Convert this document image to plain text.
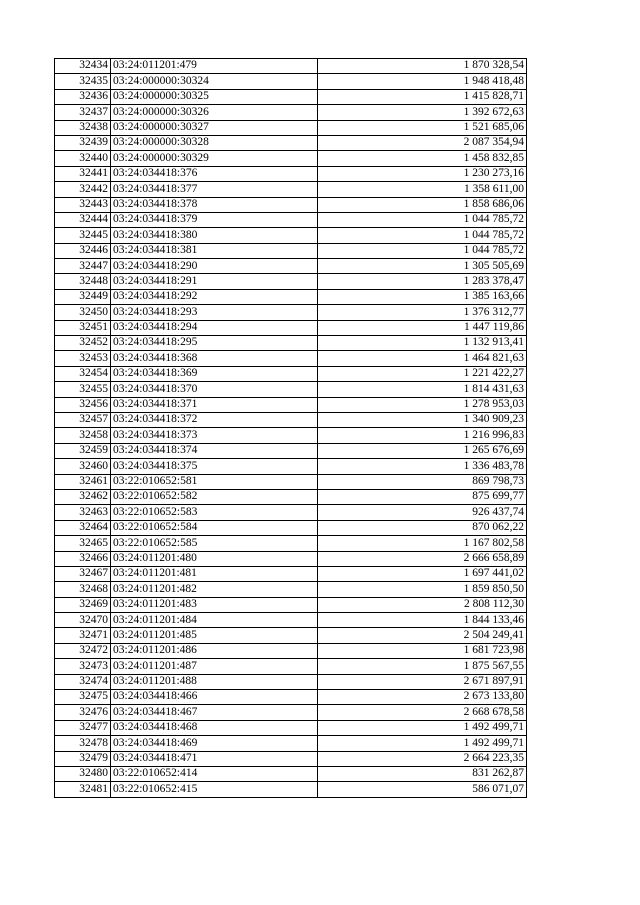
32434	03:24:011201:479	1 870 328,54
32435	03:24:000000:30324	1 948 418,48
32436	03:24:000000:30325	1 415 828,71
32437	03:24:000000:30326	1 392 672,63
32438	03:24:000000:30327	1 521 685,06
32439	03:24:000000:30328	2 087 354,94
32440	03:24:000000:30329	1 458 832,85
32441	03:24:034418:376	1 230 273,16
32442	03:24:034418:377	1 358 611,00
32443	03:24:034418:378	1 858 686,06
32444	03:24:034418:379	1 044 785,72
32445	03:24:034418:380	1 044 785,72
32446	03:24:034418:381	1 044 785,72
32447	03:24:034418:290	1 305 505,69
32448	03:24:034418:291	1 283 378,47
32449	03:24:034418:292	1 385 163,66
32450	03:24:034418:293	1 376 312,77
32451	03:24:034418:294	1 447 119,86
32452	03:24:034418:295	1 132 913,41
32453	03:24:034418:368	1 464 821,63
32454	03:24:034418:369	1 221 422,27
32455	03:24:034418:370	1 814 431,63
32456	03:24:034418:371	1 278 953,03
32457	03:24:034418:372	1 340 909,23
32458	03:24:034418:373	1 216 996,83
32459	03:24:034418:374	1 265 676,69
32460	03:24:034418:375	1 336 483,78
32461	03:22:010652:581	869 798,73
32462	03:22:010652:582	875 699,77
32463	03:22:010652:583	926 437,74
32464	03:22:010652:584	870 062,22
32465	03:22:010652:585	1 167 802,58
32466	03:24:011201:480	2 666 658,89
32467	03:24:011201:481	1 697 441,02
32468	03:24:011201:482	1 859 850,50
32469	03:24:011201:483	2 808 112,30
32470	03:24:011201:484	1 844 133,46
32471	03:24:011201:485	2 504 249,41
32472	03:24:011201:486	1 681 723,98
32473	03:24:011201:487	1 875 567,55
32474	03:24:011201:488	2 671 897,91
32475	03:24:034418:466	2 673 133,80
32476	03:24:034418:467	2 668 678,58
32477	03:24:034418:468	1 492 499,71
32478	03:24:034418:469	1 492 499,71
32479	03:24:034418:471	2 664 223,35
32480	03:22:010652:414	831 262,87
32481	03:22:010652:415	586 071,07
